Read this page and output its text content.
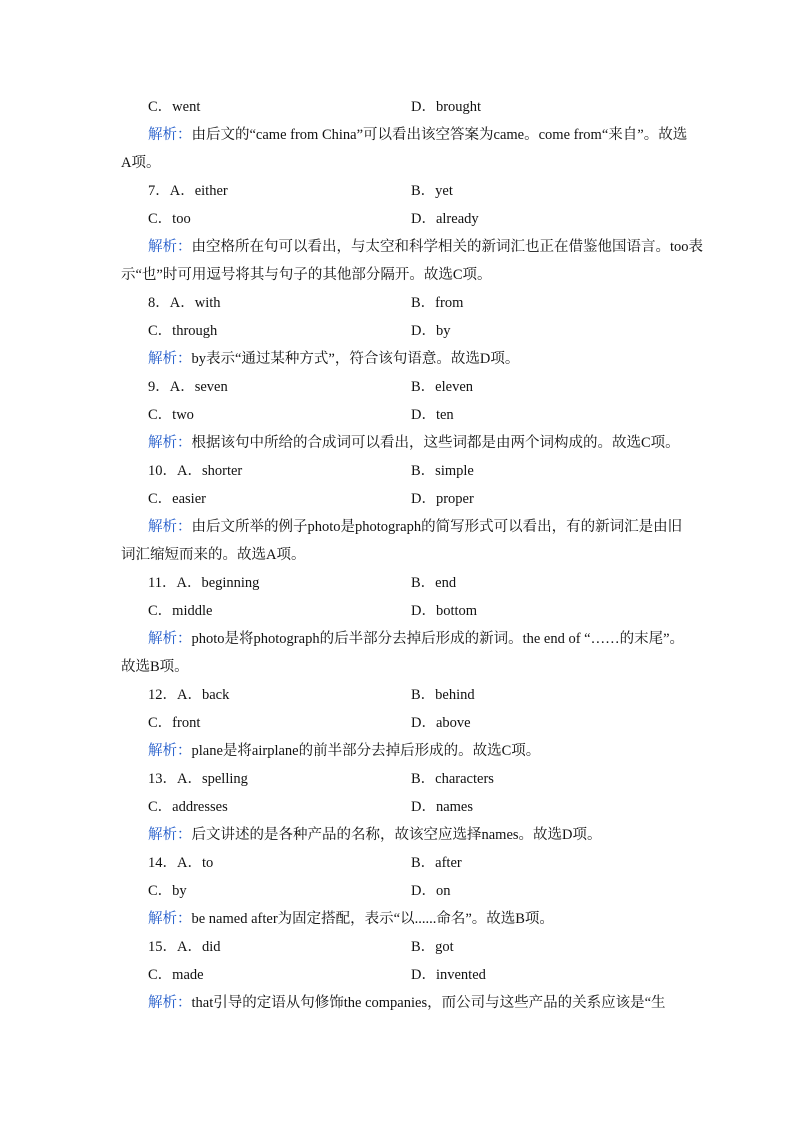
C．went	D．brought
解析：由后文的“came from China”可以看出该空答案为came。come from“来自”。故选
A项。
7．A．either	B．yet
C．too	D．already
解析：由空格所在句可以看出，与太空和科学相关的新词汇也正在借鉴他国语言。too表
示“也”时可用逗号将其与句子的其他部分隔开。故选C项。
8．A．with	B．from
C．through	D．by
解析：by表示“通过某种方式”，符合该句语意。故选D项。
9．A．seven	B．eleven
C．two	D．ten
解析：根据该句中所给的合成词可以看出，这些词都是由两个词构成的。故选C项。
10．A．shorter	B．simple
C．easier	D．proper
解析：由后文所举的例子photo是photograph的简写形式可以看出，有的新词汇是由旧
词汇缩短而来的。故选A项。
11．A．beginning	B．end
C．middle	D．bottom
解析：photo是将photograph的后半部分去掉后形成的新词。the end of “……的末尾”。
故选B项。
12．A．back	B．behind
C．front	D．above
解析：plane是将airplane的前半部分去掉后形成的。故选C项。
13．A．spelling	B．characters
C．addresses	D．names
解析：后文讲述的是各种产品的名称，故该空应选择names。故选D项。
14．A．to	B．after
C．by	D．on
解析：be named after为固定搭配，表示“以......命名”。故选B项。
15．A．did	B．got
C．made	D．invented
解析：that引导的定语从句修饰the companies，而公司与这些产品的关系应该是“生
